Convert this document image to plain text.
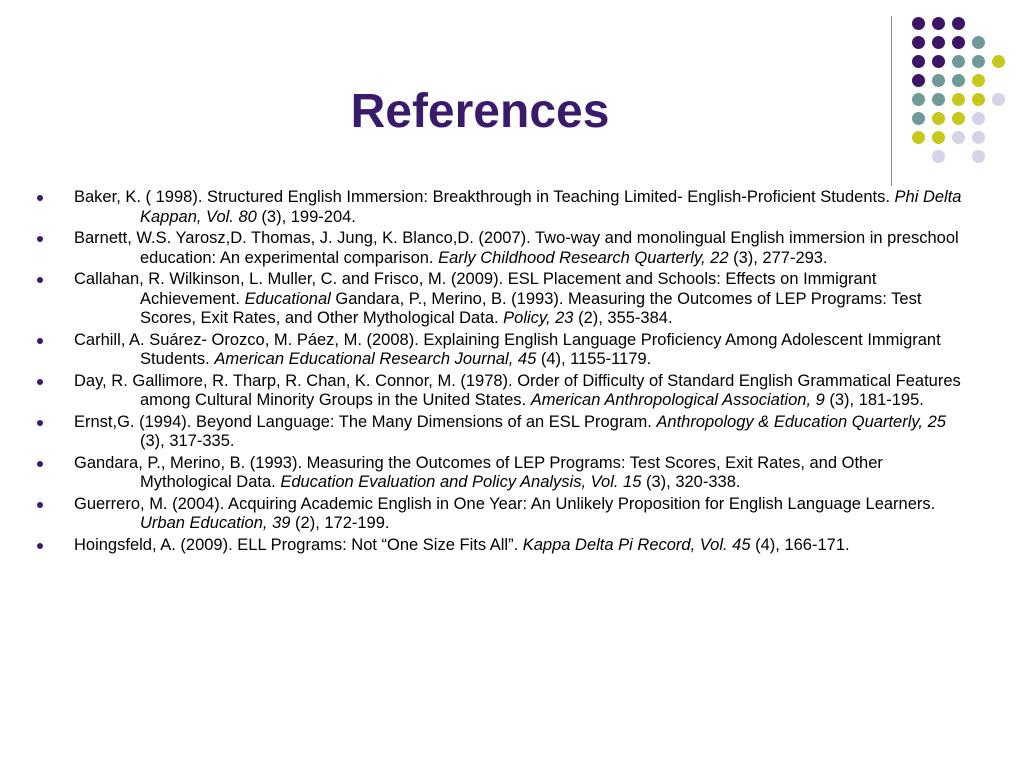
References
Baker, K. ( 1998). Structured English Immersion: Breakthrough in Teaching Limited- English-Proficient Students. Phi Delta Kappan, Vol. 80 (3), 199-204.
Barnett, W.S. Yarosz,D. Thomas, J. Jung, K. Blanco,D. (2007). Two-way and monolingual English immersion in preschool education: An experimental comparison. Early Childhood Research Quarterly, 22 (3), 277-293.
Callahan, R. Wilkinson, L. Muller, C. and Frisco, M. (2009). ESL Placement and Schools: Effects on Immigrant Achievement. Educational Gandara, P., Merino, B. (1993). Measuring the Outcomes of LEP Programs: Test Scores, Exit Rates, and Other Mythological Data. Policy, 23 (2), 355-384.
Carhill, A. Suárez- Orozco, M. Páez, M. (2008). Explaining English Language Proficiency Among Adolescent Immigrant Students. American Educational Research Journal, 45 (4), 1155-1179.
Day, R. Gallimore, R. Tharp, R. Chan, K. Connor, M. (1978). Order of Difficulty of Standard English Grammatical Features among Cultural Minority Groups in the United States. American Anthropological Association, 9 (3), 181-195.
Ernst,G. (1994). Beyond Language: The Many Dimensions of an ESL Program. Anthropology & Education Quarterly, 25 (3), 317-335.
Gandara, P., Merino, B. (1993). Measuring the Outcomes of LEP Programs: Test Scores, Exit Rates, and Other Mythological Data. Education Evaluation and Policy Analysis, Vol. 15 (3), 320-338.
Guerrero, M. (2004). Acquiring Academic English in One Year: An Unlikely Proposition for English Language Learners. Urban Education, 39 (2), 172-199.
Hoingsfeld, A. (2009). ELL Programs: Not “One Size Fits All”. Kappa Delta Pi Record, Vol. 45 (4), 166-171.
